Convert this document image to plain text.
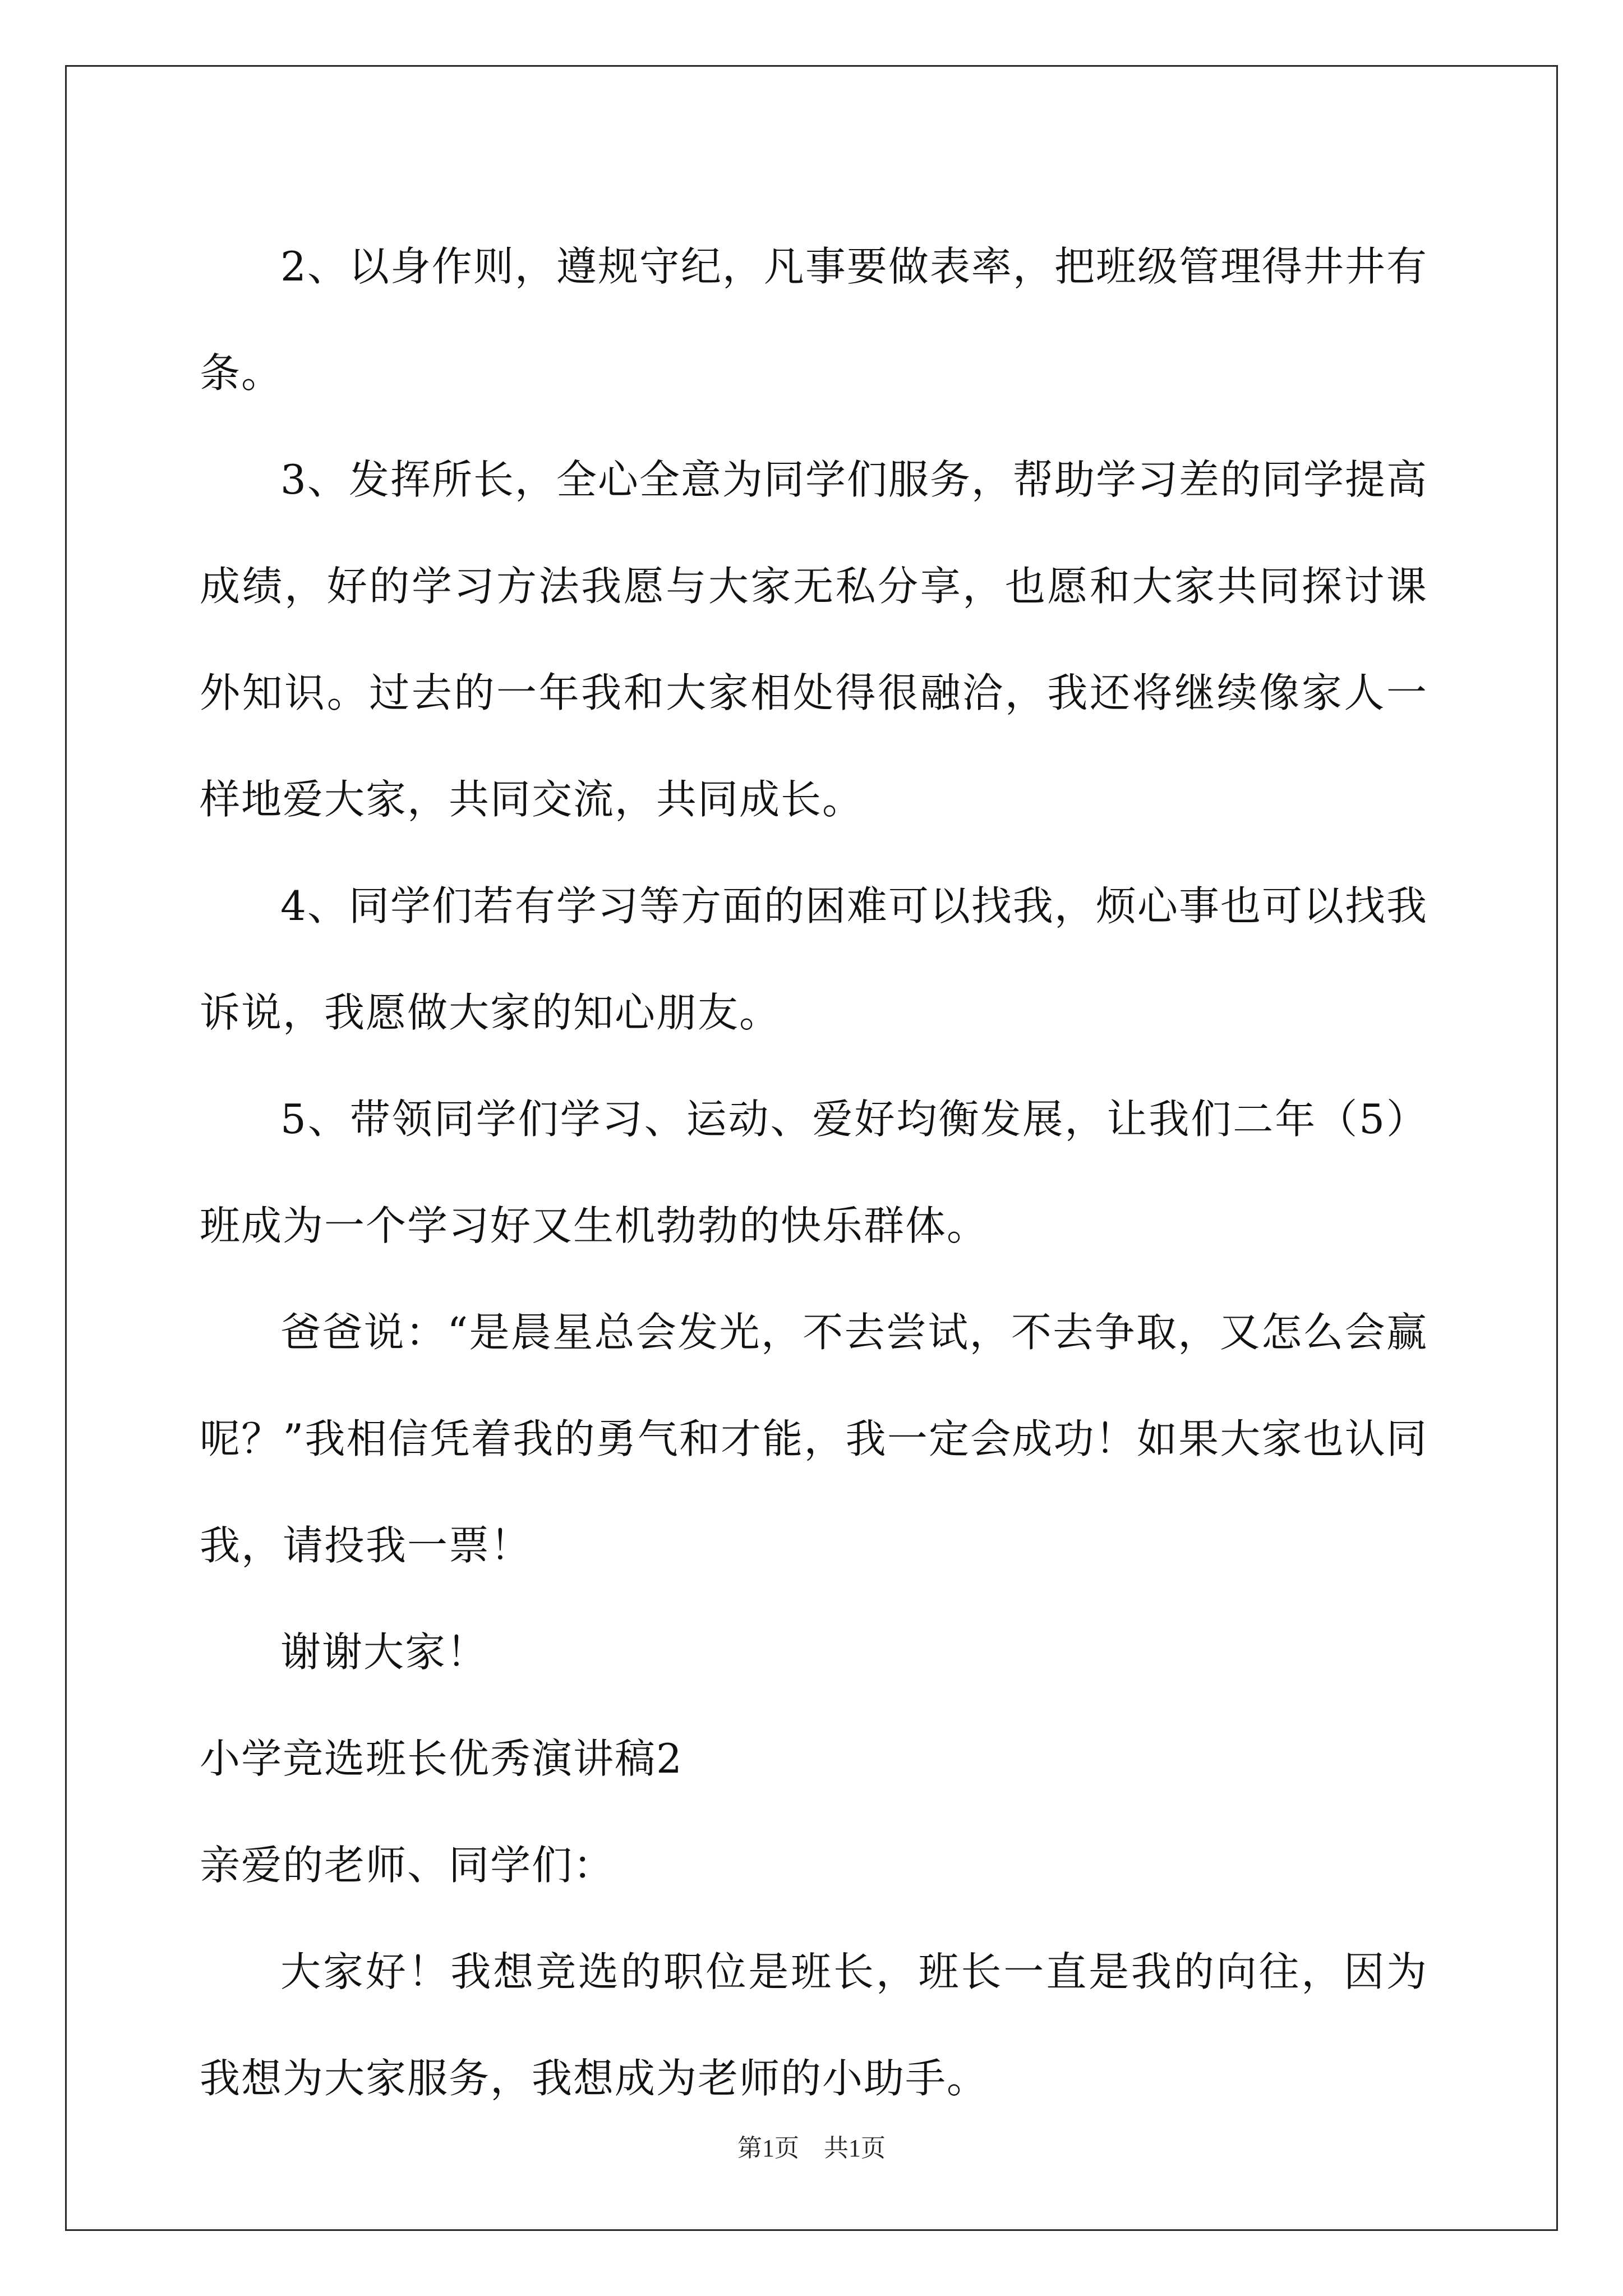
2、以身作则，遵规守纪，凡事要做表率，把班级管理得井井有条。

3、发挥所长，全心全意为同学们服务，帮助学习差的同学提高成绩，好的学习方法我愿与大家无私分享，也愿和大家共同探讨课外知识。过去的一年我和大家相处得很融洽，我还将继续像家人一样地爱大家，共同交流，共同成长。

4、同学们若有学习等方面的困难可以找我，烦心事也可以找我诉说，我愿做大家的知心朋友。

5、带领同学们学习、运动、爱好均衡发展，让我们二年（5）班成为一个学习好又生机勃勃的快乐群体。

爸爸说：“是晨星总会发光，不去尝试，不去争取，又怎么会赢呢？”我相信凭着我的勇气和才能，我一定会成功！如果大家也认同我，请投我一票！

谢谢大家！

小学竞选班长优秀演讲稿2

亲爱的老师、同学们：

大家好！我想竞选的职位是班长，班长一直是我的向往，因为我想为大家服务，我想成为老师的小助手。

第1页 共1页
